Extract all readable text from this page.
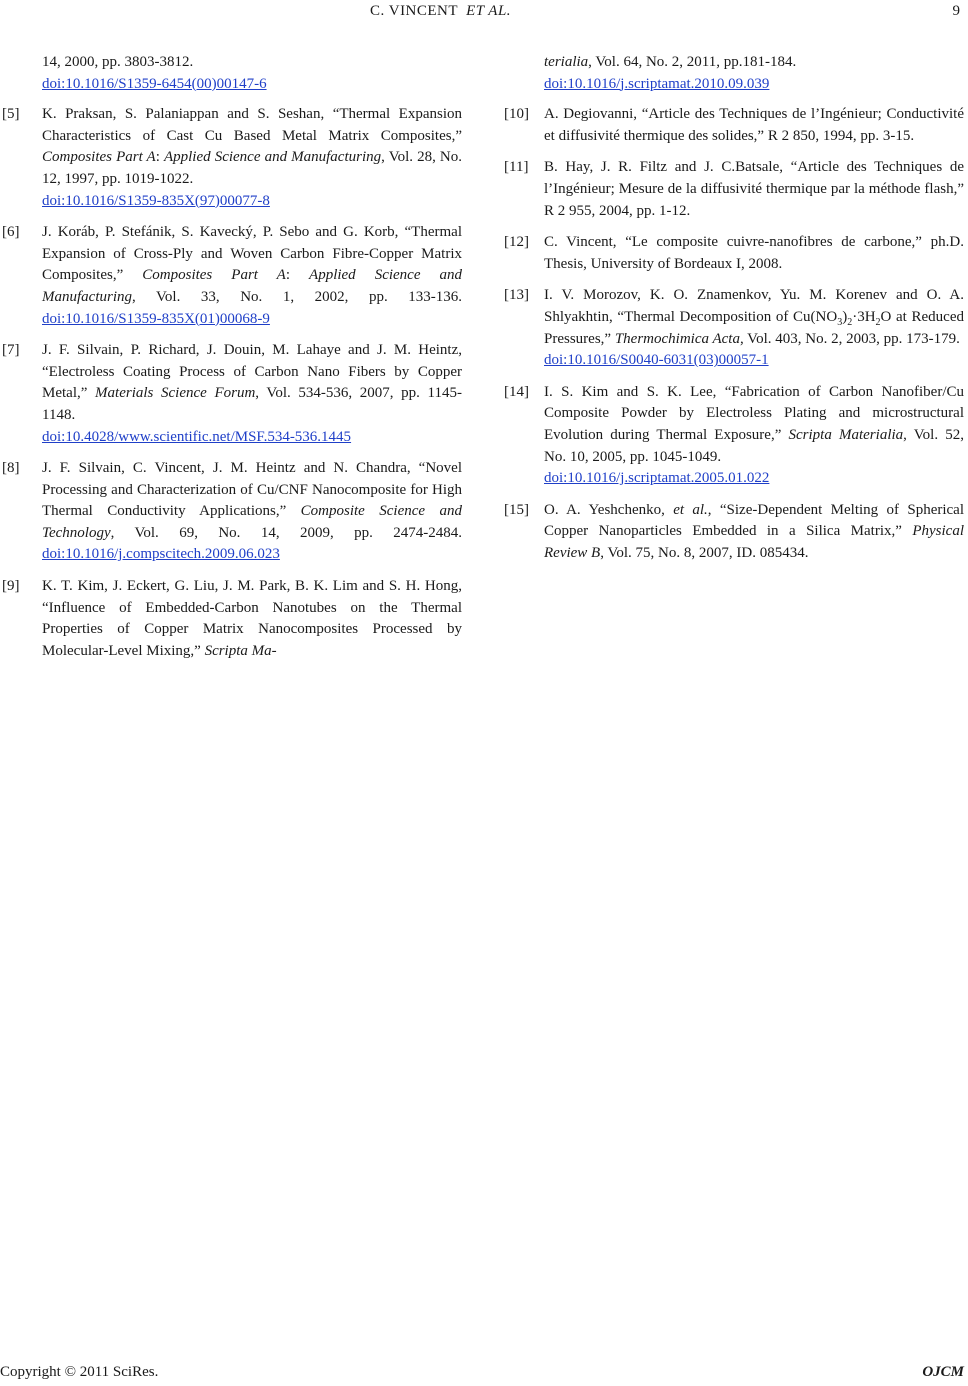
C. VINCENT ET AL.	9
14, 2000, pp. 3803-3812.
doi:10.1016/S1359-6454(00)00147-6
[5] K. Praksan, S. Palaniappan and S. Seshan, “Thermal Expansion Characteristics of Cast Cu Based Metal Matrix Composites,” Composites Part A: Applied Science and Manufacturing, Vol. 28, No. 12, 1997, pp. 1019-1022.
doi:10.1016/S1359-835X(97)00077-8
[6] J. Koráb, P. Stefánik, S. Kavecký, P. Sebo and G. Korb, “Thermal Expansion of Cross-Ply and Woven Carbon Fibre-Copper Matrix Composites,” Composites Part A: Applied Science and Manufacturing, Vol. 33, No. 1, 2002, pp. 133-136. doi:10.1016/S1359-835X(01)00068-9
[7] J. F. Silvain, P. Richard, J. Douin, M. Lahaye and J. M. Heintz, “Electroless Coating Process of Carbon Nano Fibers by Copper Metal,” Materials Science Forum, Vol. 534-536, 2007, pp. 1145-1148.
doi:10.4028/www.scientific.net/MSF.534-536.1445
[8] J. F. Silvain, C. Vincent, J. M. Heintz and N. Chandra, “Novel Processing and Characterization of Cu/CNF Nanocomposite for High Thermal Conductivity Applications,” Composite Science and Technology, Vol. 69, No. 14, 2009, pp. 2474-2484. doi:10.1016/j.compscitech.2009.06.023
[9] K. T. Kim, J. Eckert, G. Liu, J. M. Park, B. K. Lim and S. H. Hong, “Influence of Embedded-Carbon Nanotubes on the Thermal Properties of Copper Matrix Nanocomposites Processed by Molecular-Level Mixing,” Scripta Ma-
terialia, Vol. 64, No. 2, 2011, pp.181-184.
doi:10.1016/j.scriptamat.2010.09.039
[10] A. Degiovanni, “Article des Techniques de l’Ingénieur; Conductivité et diffusivité thermique des solides,” R 2 850, 1994, pp. 3-15.
[11] B. Hay, J. R. Filtz and J. C.Batsale, “Article des Techniques de l’Ingénieur; Mesure de la diffusivité thermique par la méthode flash,” R 2 955, 2004, pp. 1-12.
[12] C. Vincent, “Le composite cuivre-nanofibres de carbone,” ph.D. Thesis, University of Bordeaux I, 2008.
[13] I. V. Morozov, K. O. Znamenkov, Yu. M. Korenev and O. A. Shlyakhtin, “Thermal Decomposition of $Cu(NO_3)_2\cdot 3H_2O$ at Reduced Pressures,” Thermochimica Acta, Vol. 403, No. 2, 2003, pp. 173-179.
doi:10.1016/S0040-6031(03)00057-1
[14] I. S. Kim and S. K. Lee, “Fabrication of Carbon Nanofiber/Cu Composite Powder by Electroless Plating and microstructural Evolution during Thermal Exposure,” Scripta Materialia, Vol. 52, No. 10, 2005, pp. 1045-1049.
doi:10.1016/j.scriptamat.2005.01.022
[15] O. A. Yeshchenko, et al., “Size-Dependent Melting of Spherical Copper Nanoparticles Embedded in a Silica Matrix,” Physical Review B, Vol. 75, No. 8, 2007, ID. 085434.
Copyright © 2011 SciRes.	OJCM
